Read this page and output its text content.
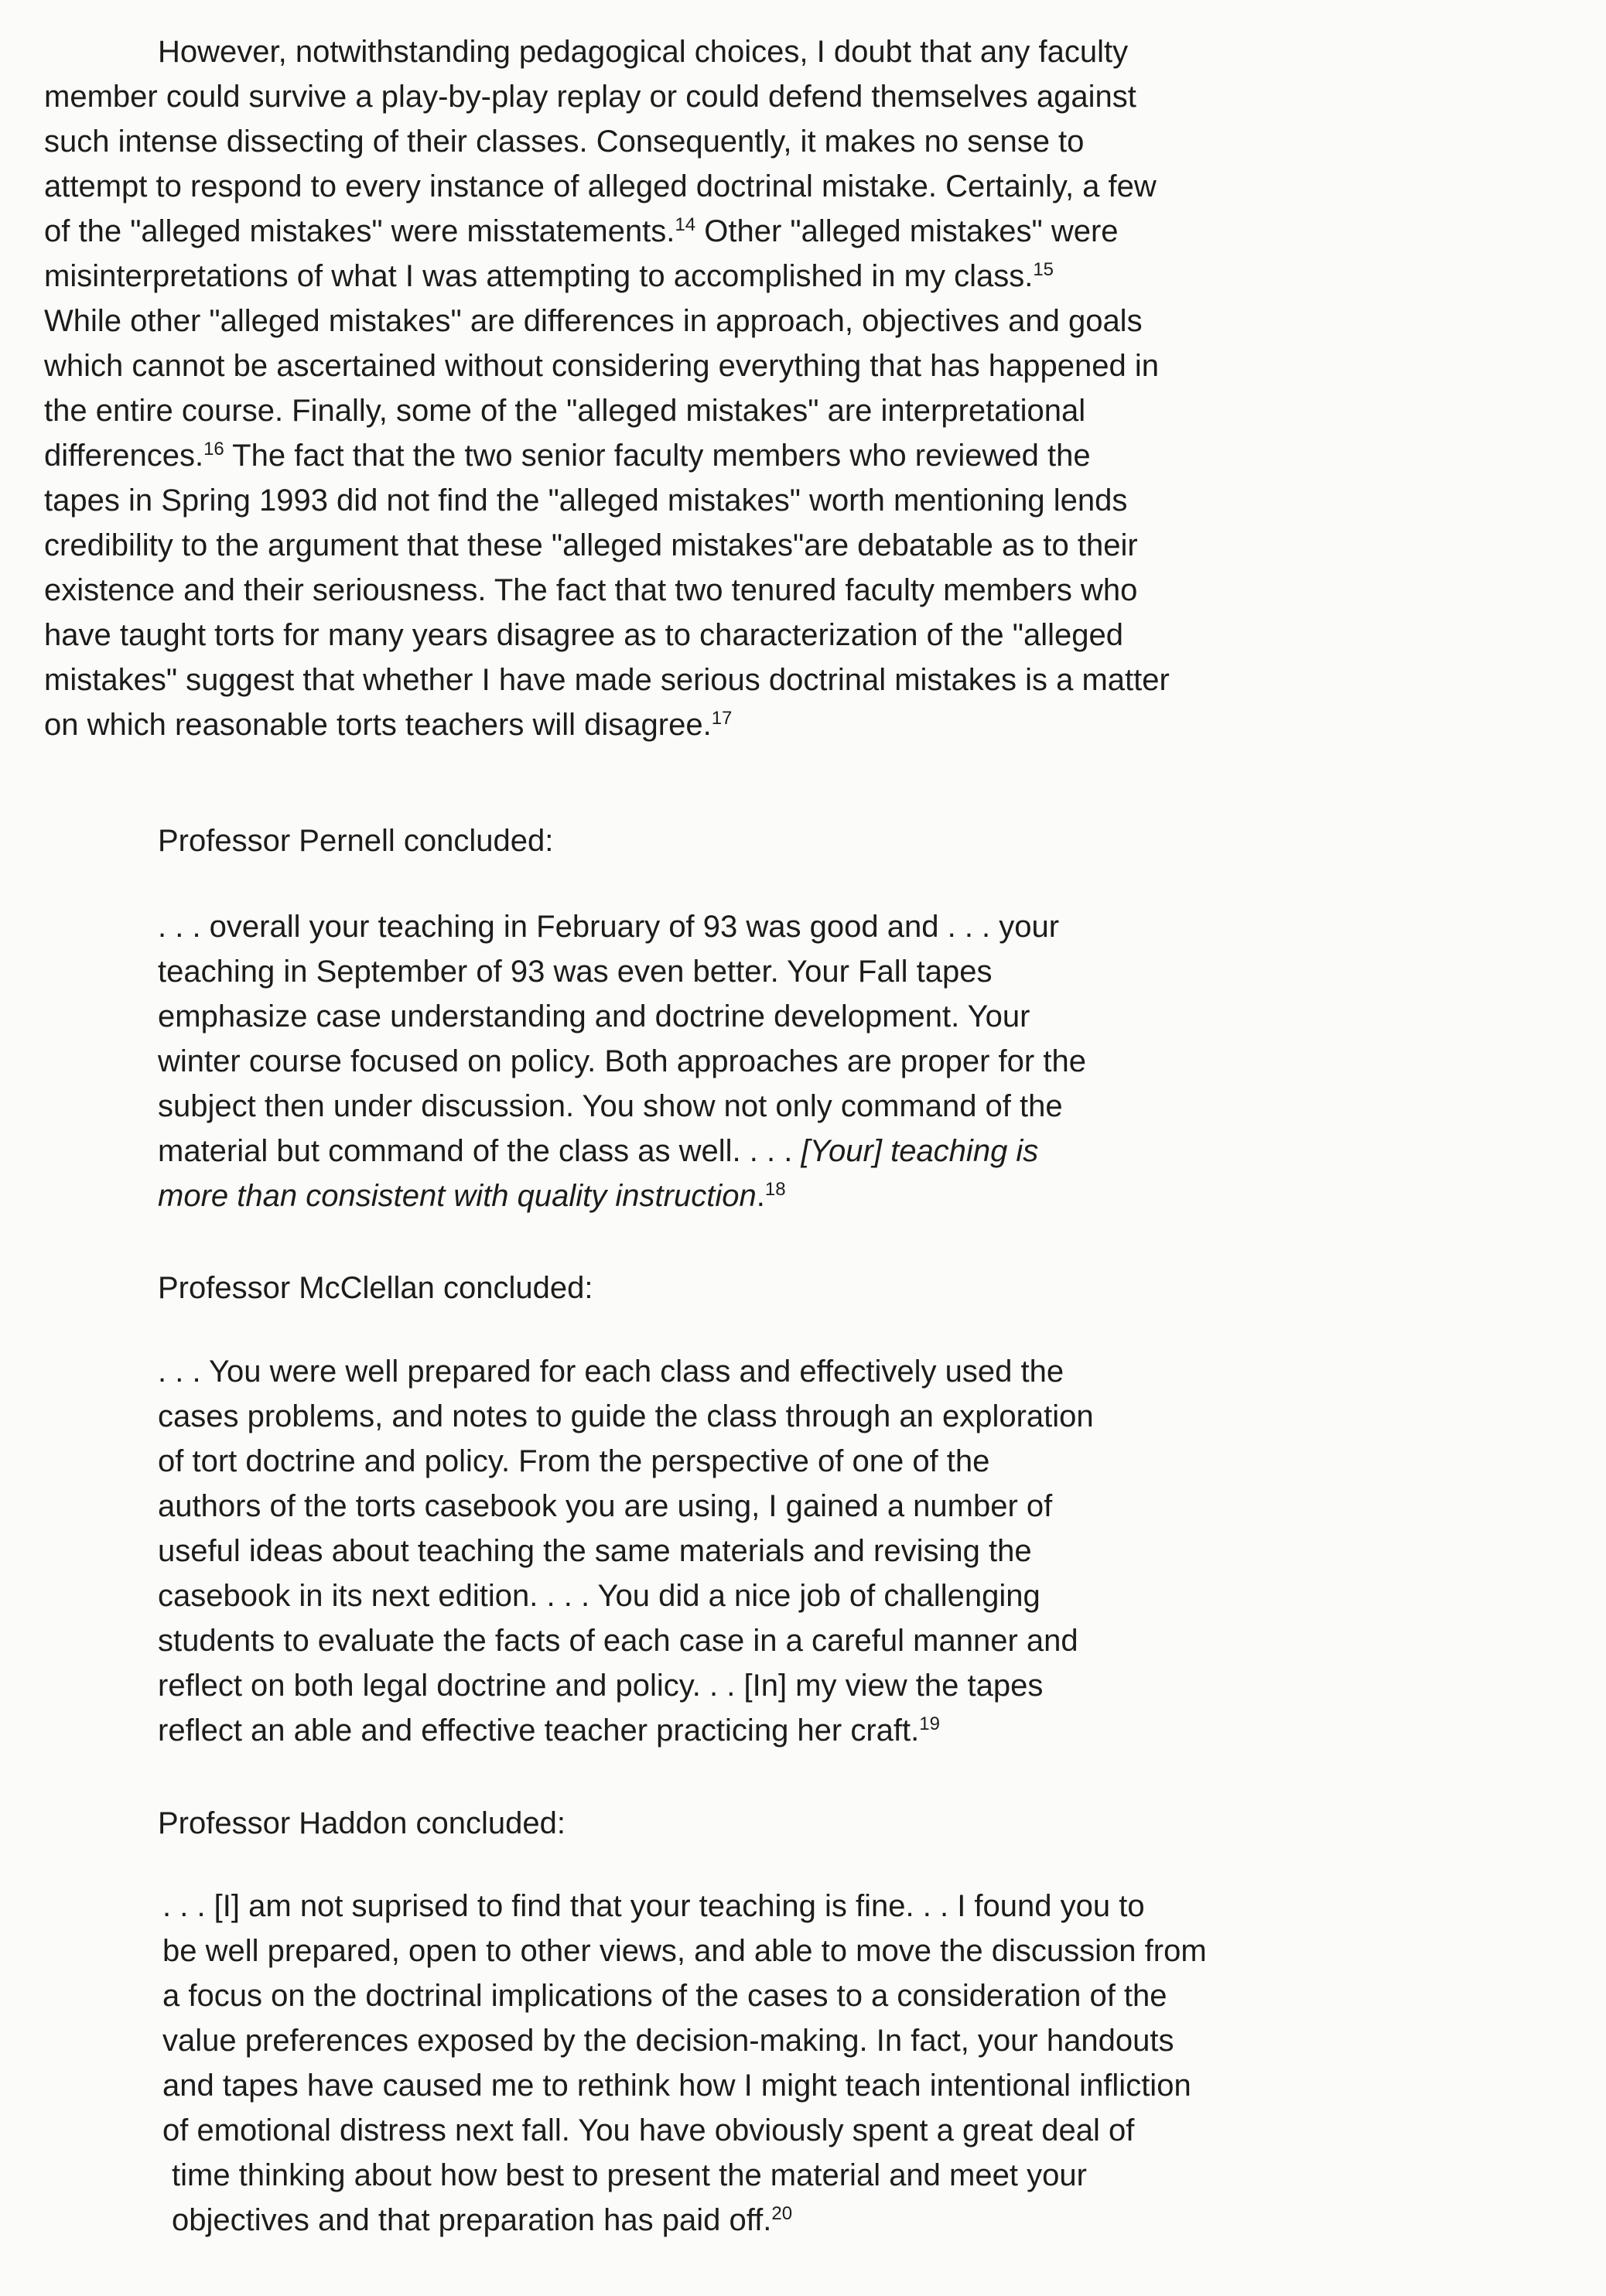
However, notwithstanding pedagogical choices, I doubt that any faculty
member could survive a play-by-play replay or could defend themselves against
such intense dissecting of their classes. Consequently, it makes no sense to
attempt to respond to every instance of alleged doctrinal mistake. Certainly, a few
of the "alleged mistakes" were misstatements.$^{14}$ Other "alleged mistakes" were
misinterpretations of what I was attempting to accomplished in my class.$^{15}$
While other "alleged mistakes" are differences in approach, objectives and goals
which cannot be ascertained without considering everything that has happened in
the entire course. Finally, some of the "alleged mistakes" are interpretational
differences.$^{16}$ The fact that the two senior faculty members who reviewed the
tapes in Spring 1993 did not find the "alleged mistakes" worth mentioning lends
credibility to the argument that these "alleged mistakes"are debatable as to their
existence and their seriousness. The fact that two tenured faculty members who
have taught torts for many years disagree as to characterization of the "alleged
mistakes" suggest that whether I have made serious doctrinal mistakes is a matter
on which reasonable torts teachers will disagree.$^{17}$
Professor Pernell concluded:
. . . overall your teaching in February of 93 was good and . . . your
teaching in September of 93 was even better. Your Fall tapes
emphasize case understanding and doctrine development. Your
winter course focused on policy. Both approaches are proper for the
subject then under discussion. You show not only command of the
material but command of the class as well. . . . [Your] teaching is
more than consistent with quality instruction.$^{18}$
Professor McClellan concluded:
. . . You were well prepared for each class and effectively used the
cases problems, and notes to guide the class through an exploration
of tort doctrine and policy. From the perspective of one of the
authors of the torts casebook you are using, I gained a number of
useful ideas about teaching the same materials and revising the
casebook in its next edition. . . . You did a nice job of challenging
students to evaluate the facts of each case in a careful manner and
reflect on both legal doctrine and policy. . . [In] my view the tapes
reflect an able and effective teacher practicing her craft.$^{19}$
Professor Haddon concluded:
. . . [I] am not suprised to find that your teaching is fine. . . I found you to
be well prepared, open to other views, and able to move the discussion from
a focus on the doctrinal implications of the cases to a consideration of the
value preferences exposed by the decision-making. In fact, your handouts
and tapes have caused me to rethink how I might teach intentional infliction
of emotional distress next fall. You have obviously spent a great deal of
time thinking about how best to present the material and meet your
objectives and that preparation has paid off.$^{20}$
